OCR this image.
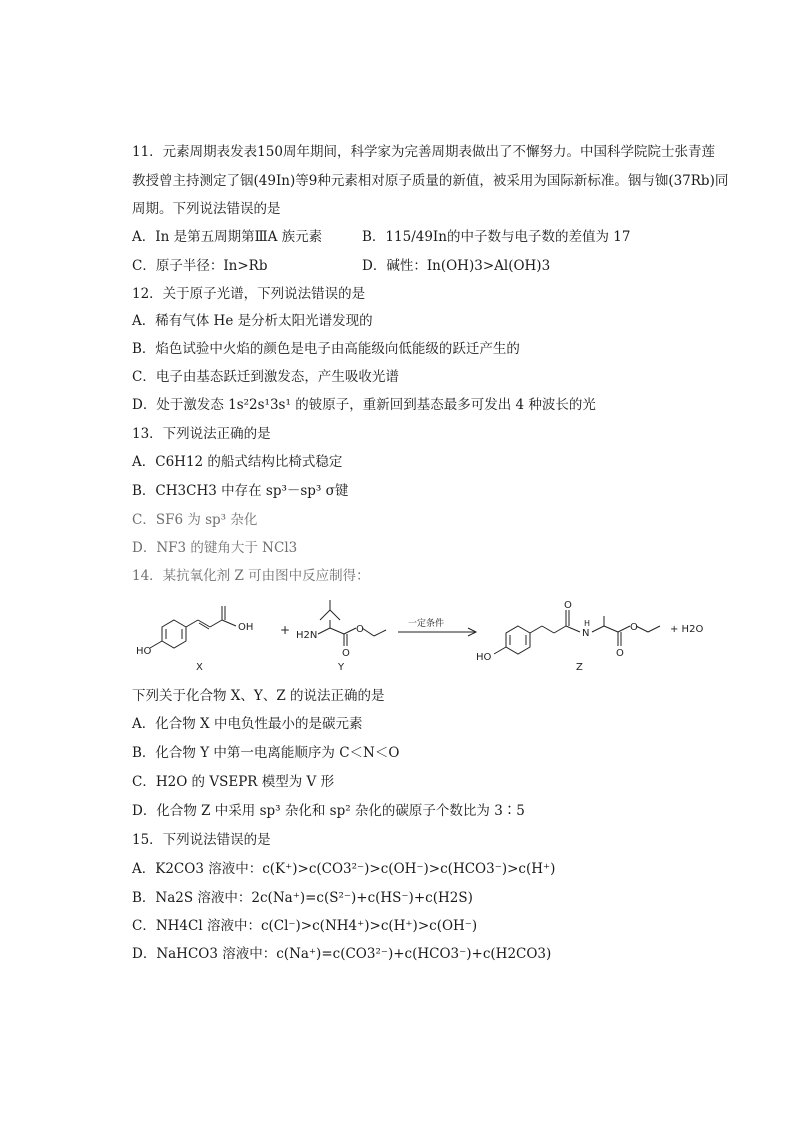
11．元素周期表发表150周年期间，科学家为完善周期表做出了不懈努力。中国科学院院士张青莲
教授曾主持测定了铟(49In)等9种元素相对原子质量的新值，被采用为国际新标准。铟与铷(37Rb)同
周期。下列说法错误的是
A．In 是第五周期第ⅢA 族元素	B．115/49In的中子数与电子数的差值为 17
C．原子半径：In>Rb	D．碱性：In(OH)3>Al(OH)3
12．关于原子光谱，下列说法错误的是
A．稀有气体 He 是分析太阳光谱发现的
B．焰色试验中火焰的颜色是电子由高能级向低能级的跃迁产生的
C．电子由基态跃迁到激发态，产生吸收光谱
D．处于激发态 1s²2s¹3s¹ 的铍原子，重新回到基态最多可发出 4 种波长的光
13．下列说法正确的是
A．C6H12 的船式结构比椅式稳定
B．CH3CH3 中存在 sp³－sp³ σ键
C．SF6 为 sp³ 杂化
D．NF3 的键角大于 NCl3
14．某抗氧化剂 Z 可由图中反应制得：
HO
OH
X
+ H2N
O
O
Y
一定条件
HO
O
N
H	O
O
Z
+ H2O
下列关于化合物 X、Y、Z 的说法正确的是
A．化合物 X 中电负性最小的是碳元素
B．化合物 Y 中第一电离能顺序为 C＜N＜O
C．H2O 的 VSEPR 模型为 V 形
D．化合物 Z 中采用 sp³ 杂化和 sp² 杂化的碳原子个数比为 3∶5
15．下列说法错误的是
A．K2CO3 溶液中：c(K⁺)>c(CO3²⁻)>c(OH⁻)>c(HCO3⁻)>c(H⁺)
B．Na2S 溶液中：2c(Na⁺)=c(S²⁻)+c(HS⁻)+c(H2S)
C．NH4Cl 溶液中：c(Cl⁻)>c(NH4⁺)>c(H⁺)>c(OH⁻)
D．NaHCO3 溶液中：c(Na⁺)=c(CO3²⁻)+c(HCO3⁻)+c(H2CO3)
